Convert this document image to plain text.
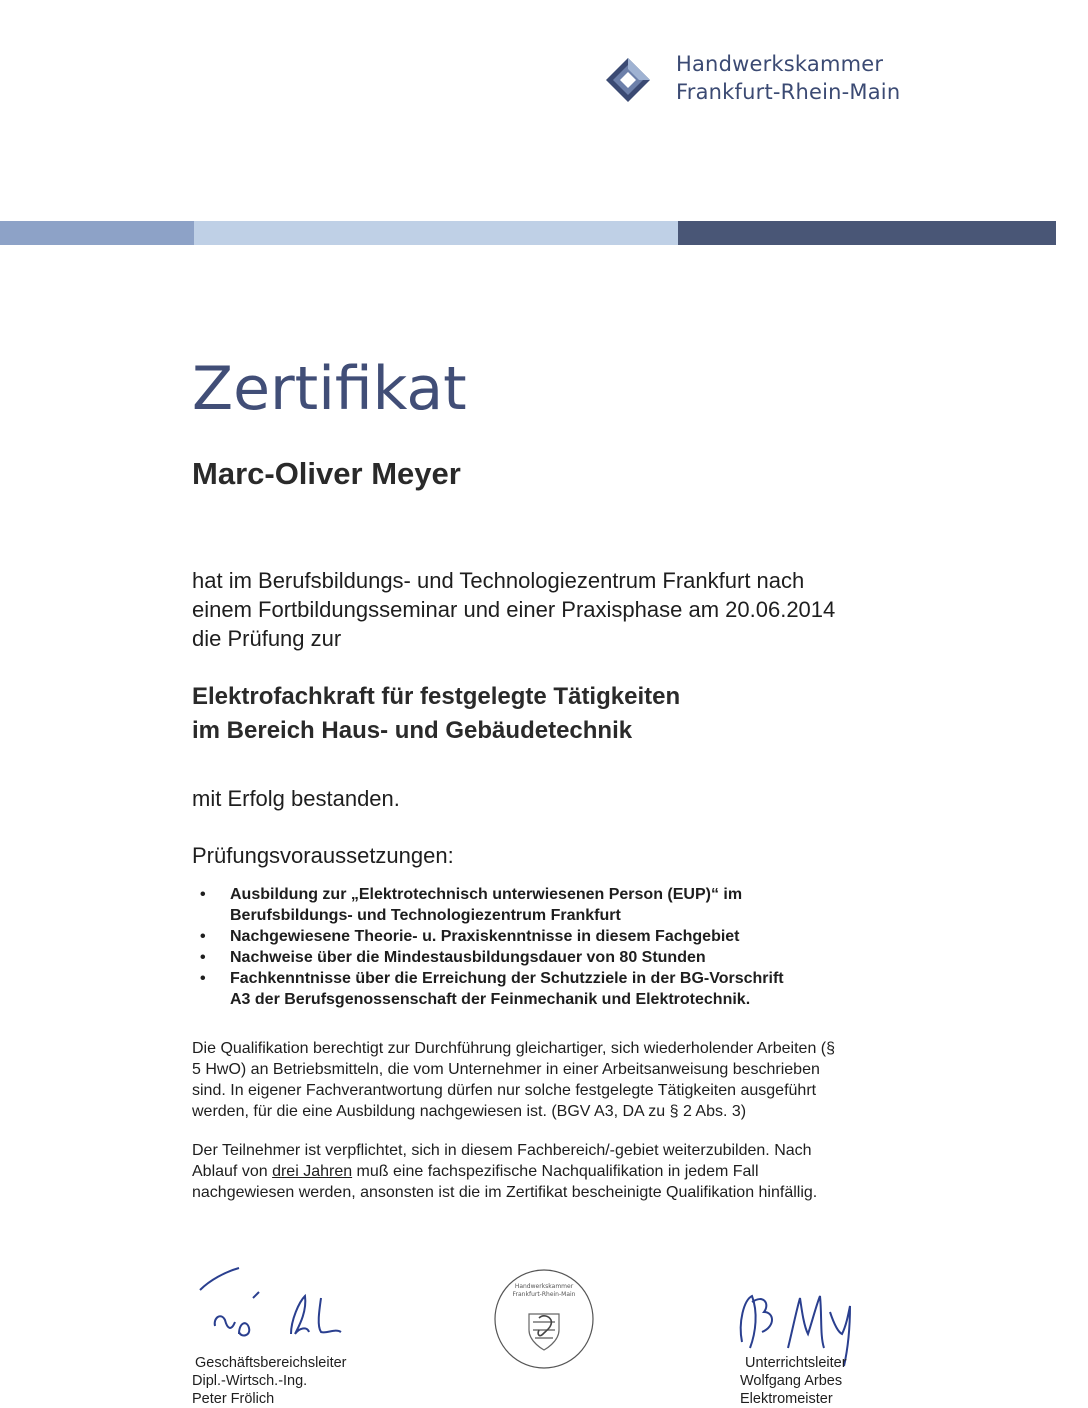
Handwerkskammer
Frankfurt-Rhein-Main
Zertifikat
Marc-Oliver Meyer
hat im Berufsbildungs- und Technologiezentrum Frankfurt nach
einem Fortbildungsseminar und einer Praxisphase am 20.06.2014
die Prüfung zur
Elektrofachkraft für festgelegte Tätigkeiten
im Bereich Haus- und Gebäudetechnik
mit Erfolg bestanden.
Prüfungsvoraussetzungen:
• Ausbildung zur „Elektrotechnisch unterwiesenen Person (EUP)“ im
Berufsbildungs- und Technologiezentrum Frankfurt
• Nachgewiesene Theorie- u. Praxiskenntnisse in diesem Fachgebiet
• Nachweise über die Mindestausbildungsdauer von 80 Stunden
• Fachkenntnisse über die Erreichung der Schutzziele in der BG-Vorschrift
A3 der Berufsgenossenschaft der Feinmechanik und Elektrotechnik.
Die Qualifikation berechtigt zur Durchführung gleichartiger, sich wiederholender Arbeiten (§
5 HwO) an Betriebsmitteln, die vom Unternehmer in einer Arbeitsanweisung beschrieben
sind. In eigener Fachverantwortung dürfen nur solche festgelegte Tätigkeiten ausgeführt
werden, für die eine Ausbildung nachgewiesen ist. (BGV A3, DA zu § 2 Abs. 3)
Der Teilnehmer ist verpflichtet, sich in diesem Fachbereich/-gebiet weiterzubilden. Nach
Ablauf von drei Jahren muß eine fachspezifische Nachqualifikation in jedem Fall
nachgewiesen werden, ansonsten ist die im Zertifikat bescheinigte Qualifikation hinfällig.
Geschäftsbereichsleiter
Dipl.-Wirtsch.-Ing.
Peter Frölich
Handwerkskammer
Frankfurt-Rhein-Main
Unterrichtsleiter
Wolfgang Arbes
Elektromeister
